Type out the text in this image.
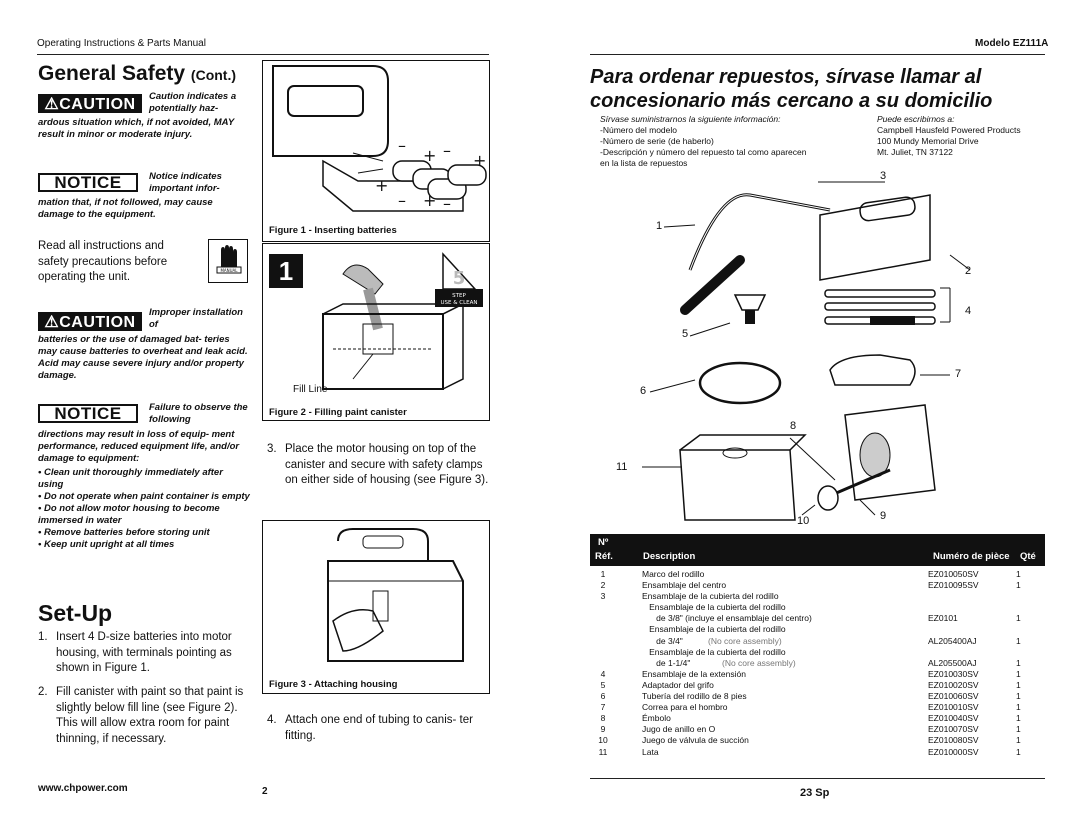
Operating Instructions & Parts Manual	Modelo EZ111A
General Safety (Cont.)
⚠CAUTION	Caution indicates a potentially haz-
ardous situation which, if not avoided, MAY result in minor or moderate injury.
NOTICE	Notice indicates important infor-
mation that, if not followed, may cause damage to the equipment.
Read all instructions and safety precautions before operating the unit.
MANUAL
⚠CAUTION
Improper installation of
batteries or the use of damaged bat- teries may cause batteries to overheat and leak acid. Acid may cause severe injury and/or property damage.
NOTICE	Failure to observe the following
directions may result in loss of equip- ment performance, reduced equipment life, and/or damage to equipment:
• Clean unit thoroughly immediately after using
• Do not operate when paint container is empty
• Do not allow motor housing to become immersed in water
• Remove batteries before storing unit
• Keep unit upright at all times
Set-Up
1. Insert 4 D-size batteries into motor housing, with terminals pointing as shown in Figure 1.
2. Fill canister with paint so that paint is slightly below fill line (see Figure 2). This will allow extra room for paint thinning, if necessary.
www.chpower.com
–
+ –
+
+
– + –
Figure 1 - Inserting batteries
1	5
STEP
USE & CLEAN
Fill Line
Figure 2 - Filling paint canister
3. Place the motor housing on top of the canister and secure with safety clamps on either side of housing (see Figure 3).
Figure 3 - Attaching housing
4. Attach one end of tubing to canis- ter fitting.
2
Para ordenar repuestos, sírvase llamar al concesionario más cercano a su domicilio
Sírvase suministrarnos la siguiente información:
-Número del modelo
-Número de serie (de haberlo)
-Descripción y número del repuesto tal como aparecen
en la lista de repuestos
Puede escribirnos a:
Campbell Hausfeld Powered Products
100 Mundy Memorial Drive
Mt. Juliet, TN 37122
1
2
3
4
5
6
7
8
9
10
11
Nº
Réf.	Description	Numéro de pièce Qté
1	Marco del rodillo	EZ010050SV	1
2	Ensamblaje del centro	EZ010095SV	1
3	Ensamblaje de la cubierta del rodillo
Ensamblaje de la cubierta del rodillo
de 3/8" (incluye el ensamblaje del centro)	EZ0101	1
Ensamblaje de la cubierta del rodillo
de 3/4"	(No core assembly)	AL205400AJ	1
Ensamblaje de la cubierta del rodillo
de 1-1/4"	(No core assembly)	AL205500AJ	1
4	Ensamblaje de la extensión	EZ010030SV	1
5	Adaptador del grifo	EZ010020SV	1
6	Tubería del rodillo de 8 pies	EZ010060SV	1
7	Correa para el hombro	EZ010010SV	1
8	Émbolo	EZ010040SV	1
9	Jugo de anillo en O	EZ010070SV	1
10	Juego de válvula de succión	EZ010080SV	1
11	Lata	EZ010000SV	1
23 Sp
